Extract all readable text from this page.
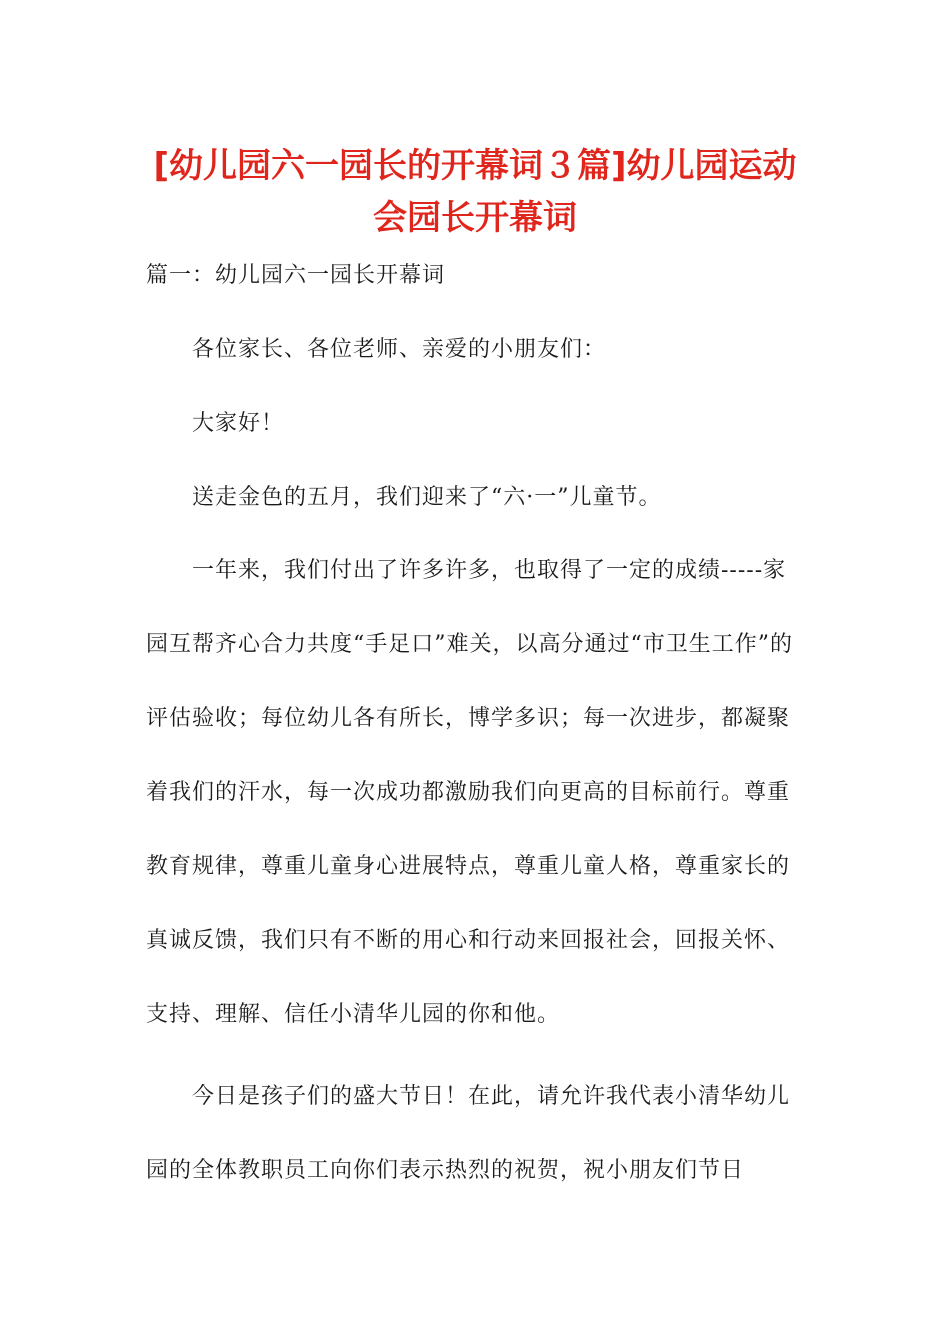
[幼儿园六一园长的开幕词３篇]幼儿园运动
会园长开幕词

篇一：幼儿园六一园长开幕词

各位家长、各位老师、亲爱的小朋友们：

大家好！

送走金色的五月，我们迎来了“六·一”儿童节。

一年来，我们付出了许多许多，也取得了一定的成绩-----家园互帮齐心合力共度“手足口”难关，以高分通过“市卫生工作”的评估验收；每位幼儿各有所长，博学多识；每一次进步，都凝聚着我们的汗水，每一次成功都激励我们向更高的目标前行。尊重教育规律，尊重儿童身心进展特点，尊重儿童人格，尊重家长的真诚反馈，我们只有不断的用心和行动来回报社会，回报关怀、支持、理解、信任小清华儿园的你和他。

今日是孩子们的盛大节日！在此，请允许我代表小清华幼儿园的全体教职员工向你们表示热烈的祝贺，祝小朋友们节日
